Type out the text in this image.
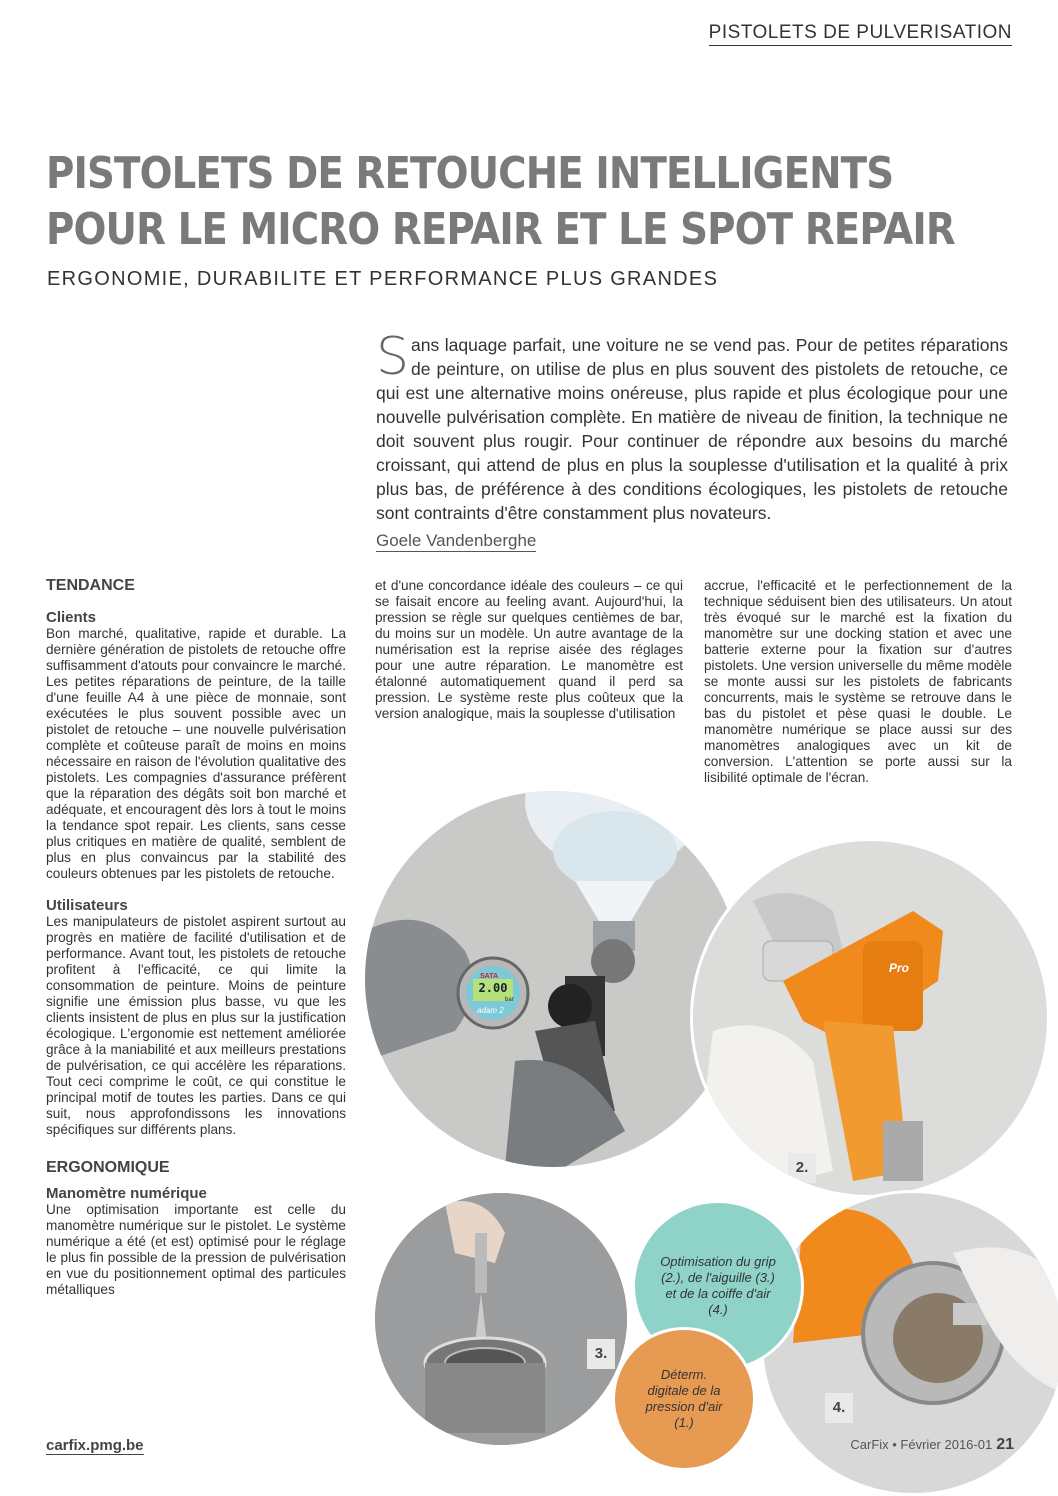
PISTOLETS DE PULVERISATION
PISTOLETS DE RETOUCHE INTELLIGENTS
POUR LE MICRO REPAIR ET LE SPOT REPAIR
ERGONOMIE, DURABILITE ET PERFORMANCE PLUS GRANDES
Sans laquage parfait, une voiture ne se vend pas. Pour de petites réparations de peinture, on utilise de plus en plus souvent des pistolets de retouche, ce qui est une alternative moins onéreuse, plus rapide et plus écologique pour une nouvelle pulvérisation complète. En matière de niveau de finition, la technique ne doit souvent plus rougir. Pour continuer de répondre aux besoins du marché croissant, qui attend de plus en plus la souplesse d'utilisation et la qualité à prix plus bas, de préférence à des conditions écologiques, les pistolets de retouche sont contraints d'être constamment plus novateurs.
Goele Vandenberghe

TENDANCE

Clients

Bon marché, qualitative, rapide et durable. La dernière génération de pistolets de retouche offre suffisamment d'atouts pour convaincre le marché. Les petites réparations de peinture, de la taille d'une feuille A4 à une pièce de monnaie, sont exécutées le plus souvent possible avec un pistolet de retouche – une nouvelle pulvérisation complète et coûteuse paraît de moins en moins nécessaire en raison de l'évolution qualitative des pistolets. Les compagnies d'assurance préfèrent que la réparation des dégâts soit bon marché et adéquate, et encouragent dès lors à tout le moins la tendance spot repair. Les clients, sans cesse plus critiques en matière de qualité, semblent de plus en plus convaincus par la stabilité des couleurs obtenues par les pistolets de retouche.

Utilisateurs

Les manipulateurs de pistolet aspirent surtout au progrès en matière de facilité d'utilisation et de performance. Avant tout, les pistolets de retouche profitent à l'efficacité, ce qui limite la consommation de peinture. Moins de peinture signifie une émission plus basse, vu que les clients insistent de plus en plus sur la justification écologique. L'ergonomie est nettement améliorée grâce à la maniabilité et aux meilleurs prestations de pulvérisation, ce qui accélère les réparations. Tout ceci comprime le coût, ce qui constitue le principal motif de toutes les parties. Dans ce qui suit, nous approfondissons les innovations spécifiques sur différents plans.

ERGONOMIQUE

Manomètre numérique

Une optimisation importante est celle du manomètre numérique sur le pistolet. Le système numérique a été (et est) optimisé pour le réglage le plus fin possible de la pression de pulvérisation en vue du positionnement optimal des particules métalliques

et d'une concordance idéale des couleurs – ce qui se faisait encore au feeling avant. Aujourd'hui, la pression se règle sur quelques centièmes de bar, du moins sur un modèle. Un autre avantage de la numérisation est la reprise aisée des réglages pour une autre réparation. Le manomètre est étalonné automatiquement quand il perd sa pression. Le système reste plus coûteux que la version analogique, mais la souplesse d'utilisation

accrue, l'efficacité et le perfectionnement de la technique séduisent bien des utilisateurs. Un atout très évoqué sur le marché est la fixation du manomètre sur une docking station et avec une batterie externe pour la fixation sur d'autres pistolets. Une version universelle du même modèle se monte aussi sur les pistolets de fabricants concurrents, mais le système se retrouve dans le bas du pistolet et pèse quasi le double. Le manomètre numérique se place aussi sur des manomètres analogiques avec un kit de conversion. L'attention se porte aussi sur la lisibilité optimale de l'écran.

SATA
2.00
bar
adam 2
1.
Pro
2.
3.
4.
Optimisation du grip (2.), de l'aiguille (3.) et de la coiffe d'air (4.)
Déterm. digitale de la pression d'air (1.)
carfix.pmg.be	CarFix • Février 2016-01 21
